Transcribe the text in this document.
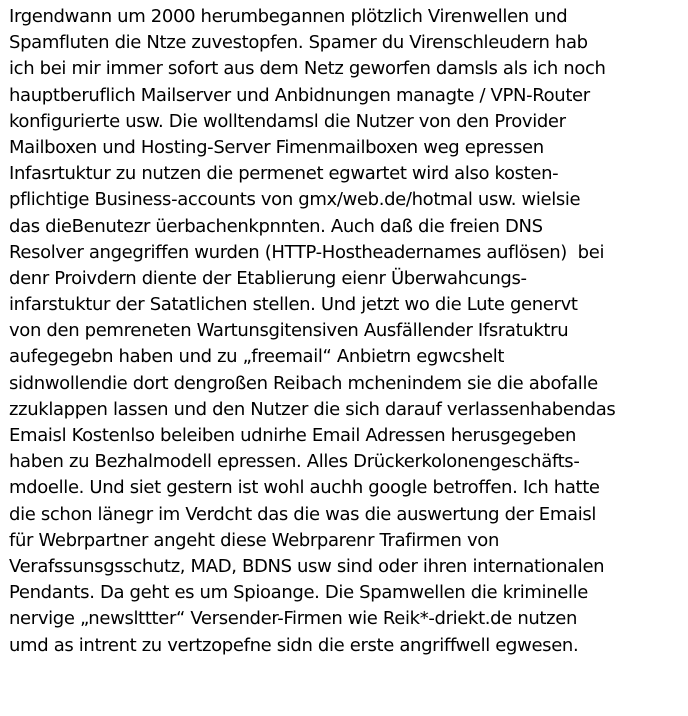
Irgendwann um 2000 herumbegannen plötzlich Virenwellen und
Spamfluten die Ntze zuvestopfen. Spamer du Virenschleudern hab
ich bei mir immer sofort aus dem Netz geworfen damsls als ich noch
hauptberuflich Mailserver und Anbidnungen managte / VPN-Router
konfigurierte usw. Die wolltendamsl die Nutzer von den Provider
Mailboxen und Hosting-Server Fimenmailboxen weg epressen
Infasrtuktur zu nutzen die permenet egwartet wird also kosten-
pflichtige Business-accounts von gmx/web.de/hotmal usw. wielsie
das dieBenutezr üerbachenkpnnten. Auch daß die freien DNS
Resolver angegriffen wurden (HTTP-Hostheadernames auflösen)  bei
denr Proivdern diente der Etablierung eienr Überwahcungs-
infarstuktur der Satatlichen stellen. Und jetzt wo die Lute genervt
von den pemreneten Wartunsgitensiven Ausfällender Ifsratuktru
aufegegebn haben und zu „freemail“ Anbietrn egwcshelt
sidnwollendie dort dengroßen Reibach mchenindem sie die abofalle
zzuklappen lassen und den Nutzer die sich darauf verlassenhabendas
Emaisl Kostenlso beleiben udnirhe Email Adressen herusgegeben
haben zu Bezhalmodell epressen. Alles Drückerkolonengeschäfts-
mdoelle. Und siet gestern ist wohl auchh google betroffen. Ich hatte
die schon länegr im Verdcht das die was die auswertung der Emaisl
für Webrpartner angeht diese Webrparenr Trafirmen von
Verafssunsgsschutz, MAD, BDNS usw sind oder ihren internationalen
Pendants. Da geht es um Spioange. Die Spamwellen die kriminelle
nervige „newslttter“ Versender-Firmen wie Reik*-driekt.de nutzen
umd as intrent zu vertzopefne sidn die erste angriffwell egwesen.
